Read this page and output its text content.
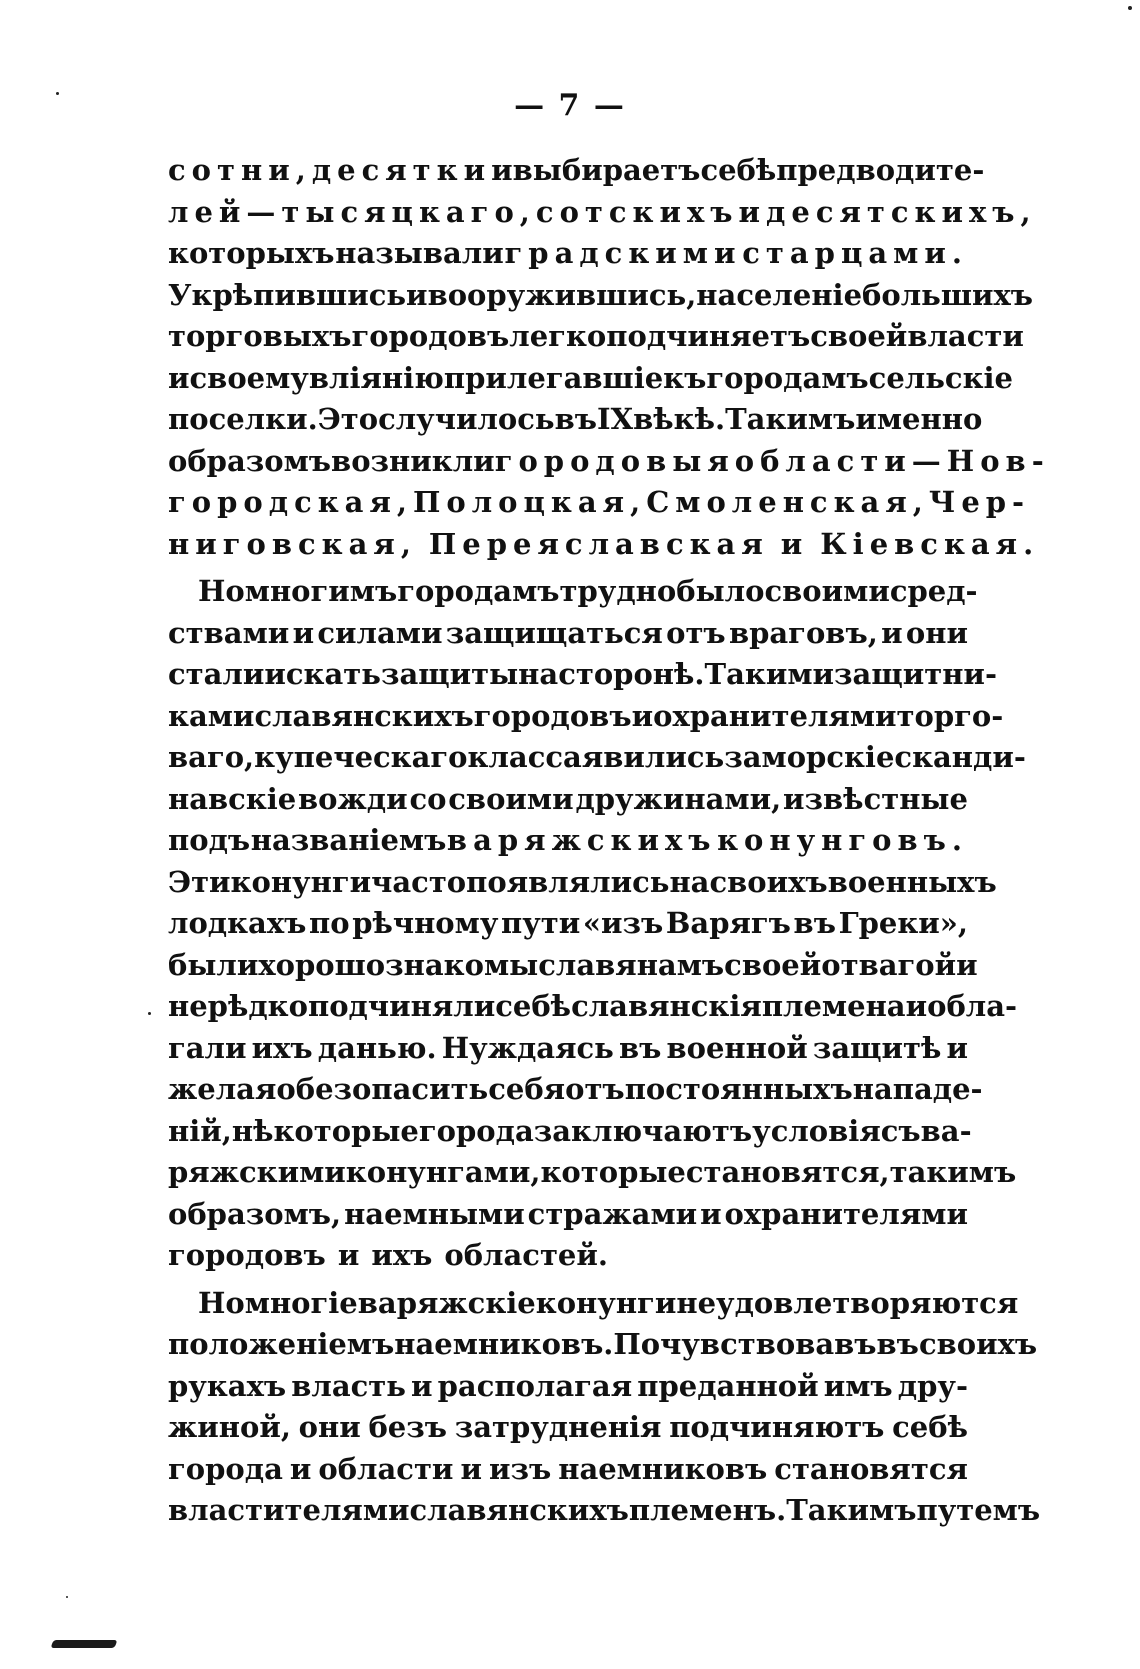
— 7 —
сотни, десятки и выбираетъ себѣ предводите-
лей—тысяцкаго, сотскихъ и десятскихъ,
которыхъ называли градскими старцами.
Укрѣпившись и вооружившись, населеніе большихъ
торговыхъ городовъ легко подчиняетъ своей власти
и своему вліянію прилегавшіе къ городамъ сельскіе
поселки. Это случилось въ IX вѣкѣ. Такимъ именно
образомъ возникли городовыя области—Нов-
городская, Полоцкая, Смоленская, Чер-
ниговская, Переяславская и Кіевская.
Но многимъ городамъ трудно было своими сред-
ствами и силами защищаться отъ враговъ, и они
стали искать защиты на сторонѣ. Такими защитни-
ками славянскихъ городовъ и охранителями торго-
ваго, купеческаго класса явились заморскіе сканди-
навскіе вожди со своими дружинами, извѣстные
подъ названіемъ варяжскихъ конунговъ.
Эти конунги часто появлялись на своихъ военныхъ
лодкахъ по рѣчному пути «изъ Варягъ въ Греки»,
были хорошо знакомы славянамъ своей отвагой и
нерѣдко подчиняли себѣ славянскія племена и обла-
гали ихъ данью. Нуждаясь въ военной защитѣ и
желая обезопасить себя отъ постоянныхъ нападе-
ній, нѣкоторые города заключаютъ условія съ ва-
ряжскими конунгами, которые становятся, такимъ
образомъ, наемными стражами и охранителями
городовъ и ихъ областей.
Но многіе варяжскіе конунги не удовлетворяются
положеніемъ наемниковъ. Почувствовавъ въ своихъ
рукахъ власть и располагая преданной имъ дру-
жиной, они безъ затрудненія подчиняютъ себѣ
города и области и изъ наемниковъ становятся
властителями славянскихъ племенъ. Такимъ путемъ
